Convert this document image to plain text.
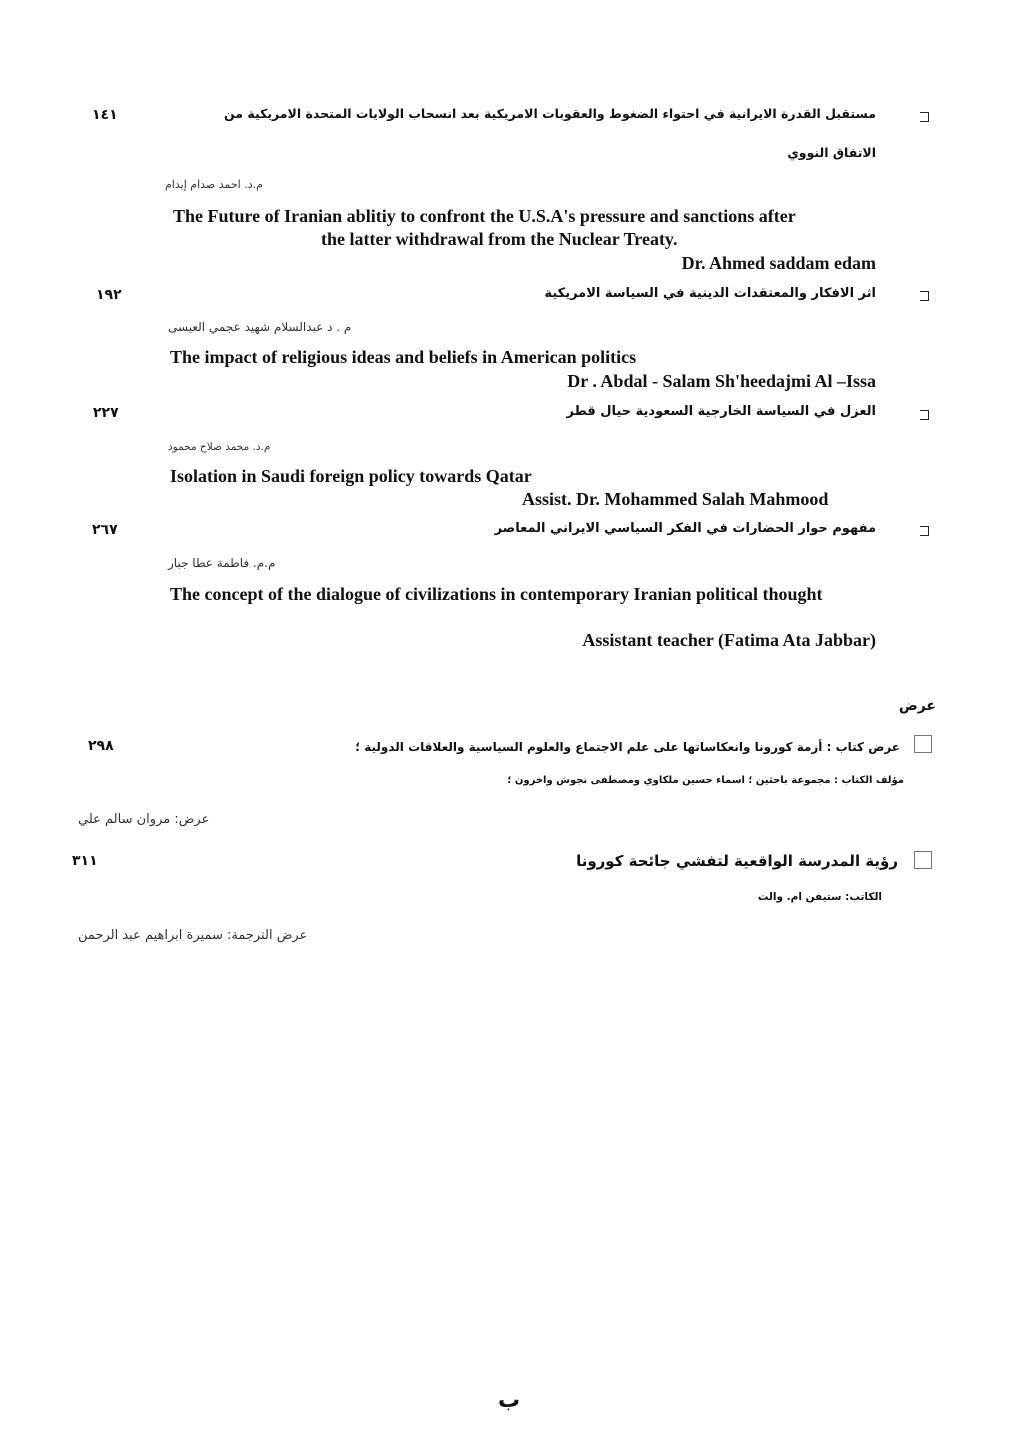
مستقبل القدرة الايرانية في احتواء الضغوط والعقوبات الامريكية بعد انسحاب الولايات المتحدة الامريكية من
١٤١
الاتفاق النووي
م.د. احمد صدام إيدام
The Future of Iranian ablitiy to confront the U.S.A's pressure and sanctions after
the latter withdrawal from the Nuclear Treaty.
Dr. Ahmed saddam edam
اثر الافكار والمعتقدات الدينية في السياسة الامريكية
١٩٢
م . د عبدالسلام شهيد عجمي العيسى
The impact of religious ideas and beliefs in American politics
Dr . Abdal - Salam Sh'heedajmi Al –Issa
العزل في السياسة الخارجية السعودية حيال قطر
٢٢٧
م.د. محمد صلاح محمود
Isolation in Saudi foreign policy towards Qatar
Assist. Dr. Mohammed Salah Mahmood
مفهوم حوار الحضارات في الفكر السياسي الايراني المعاصر
٢٦٧
م.م. فاطمة عطا جبار
The concept of the dialogue of civilizations in contemporary Iranian political thought
Assistant teacher (Fatima Ata Jabbar)
عرض
عرض كتاب : أزمة كورونا وانعكاساتها على علم الاجتماع والعلوم السياسية والعلاقات الدولية ؛
٢٩٨
مؤلف الكتاب : مجموعة باحثين ؛ اسماء حسين ملكاوي ومصطفى نجوش واخرون ؛
عرض: مروان سالم علي
رؤية المدرسة الواقعية لتفشي جائحة كورونا
٣١١
الكاتب: ستيفن ام. والت
عرض الترجمة: سميرة ابراهيم عبد الرحمن
ب
